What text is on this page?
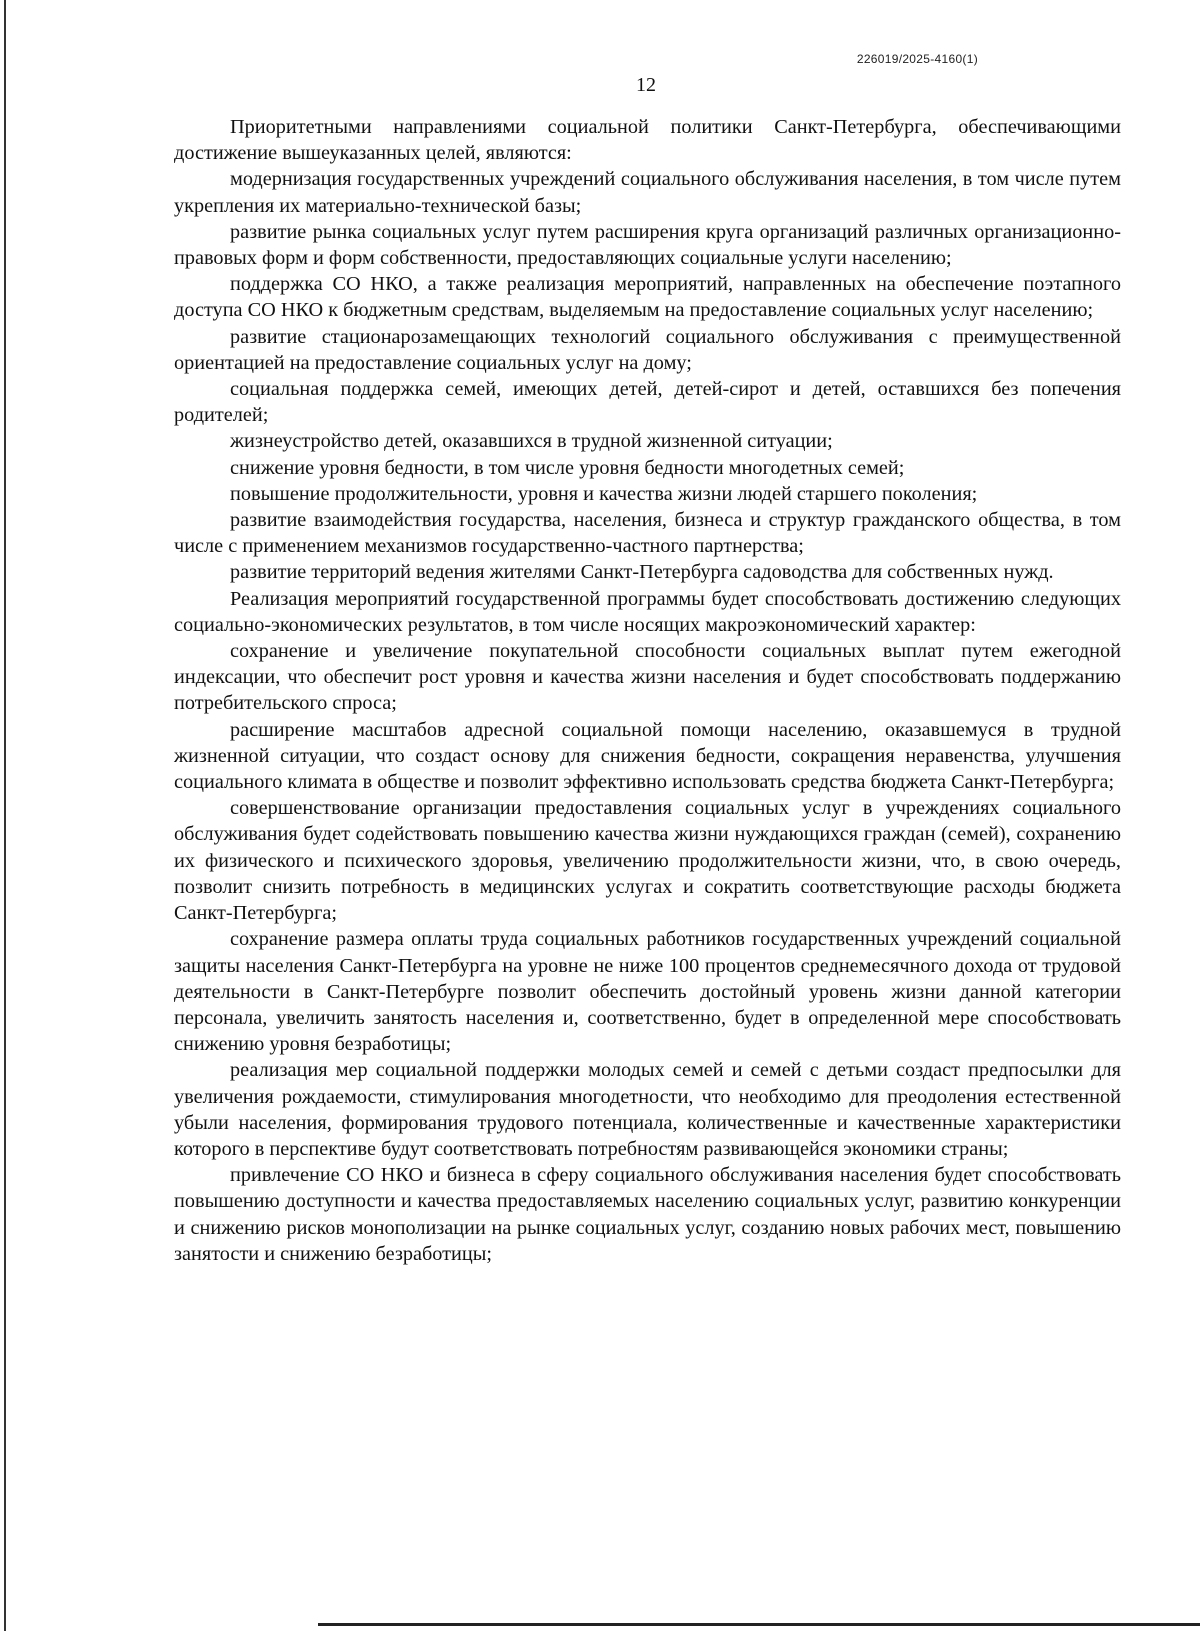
226019/2025-4160(1)
12

Приоритетными направлениями социальной политики Санкт-Петербурга, обеспечивающими достижение вышеуказанных целей, являются:

модернизация государственных учреждений социального обслуживания населения, в том числе путем укрепления их материально-технической базы;

развитие рынка социальных услуг путем расширения круга организаций различных организационно-правовых форм и форм собственности, предоставляющих социальные услуги населению;

поддержка СО НКО, а также реализация мероприятий, направленных на обеспечение поэтапного доступа СО НКО к бюджетным средствам, выделяемым на предоставление социальных услуг населению;

развитие стационарозамещающих технологий социального обслуживания с преимущественной ориентацией на предоставление социальных услуг на дому;

социальная поддержка семей, имеющих детей, детей-сирот и детей, оставшихся без попечения родителей;

жизнеустройство детей, оказавшихся в трудной жизненной ситуации;

снижение уровня бедности, в том числе уровня бедности многодетных семей;

повышение продолжительности, уровня и качества жизни людей старшего поколения;

развитие взаимодействия государства, населения, бизнеса и структур гражданского общества, в том числе с применением механизмов государственно-частного партнерства;

развитие территорий ведения жителями Санкт-Петербурга садоводства для собственных нужд.

Реализация мероприятий государственной программы будет способствовать достижению следующих социально-экономических результатов, в том числе носящих макроэкономический характер:

сохранение и увеличение покупательной способности социальных выплат путем ежегодной индексации, что обеспечит рост уровня и качества жизни населения и будет способствовать поддержанию потребительского спроса;

расширение масштабов адресной социальной помощи населению, оказавшемуся в трудной жизненной ситуации, что создаст основу для снижения бедности, сокращения неравенства, улучшения социального климата в обществе и позволит эффективно использовать средства бюджета Санкт-Петербурга;

совершенствование организации предоставления социальных услуг в учреждениях социального обслуживания будет содействовать повышению качества жизни нуждающихся граждан (семей), сохранению их физического и психического здоровья, увеличению продолжительности жизни, что, в свою очередь, позволит снизить потребность в медицинских услугах и сократить соответствующие расходы бюджета Санкт-Петербурга;

сохранение размера оплаты труда социальных работников государственных учреждений социальной защиты населения Санкт-Петербурга на уровне не ниже 100 процентов среднемесячного дохода от трудовой деятельности в Санкт-Петербурге позволит обеспечить достойный уровень жизни данной категории персонала, увеличить занятость населения и, соответственно, будет в определенной мере способствовать снижению уровня безработицы;

реализация мер социальной поддержки молодых семей и семей с детьми создаст предпосылки для увеличения рождаемости, стимулирования многодетности, что необходимо для преодоления естественной убыли населения, формирования трудового потенциала, количественные и качественные характеристики которого в перспективе будут соответствовать потребностям развивающейся экономики страны;

привлечение СО НКО и бизнеса в сферу социального обслуживания населения будет способствовать повышению доступности и качества предоставляемых населению социальных услуг, развитию конкуренции и снижению рисков монополизации на рынке социальных услуг, созданию новых рабочих мест, повышению занятости и снижению безработицы;
